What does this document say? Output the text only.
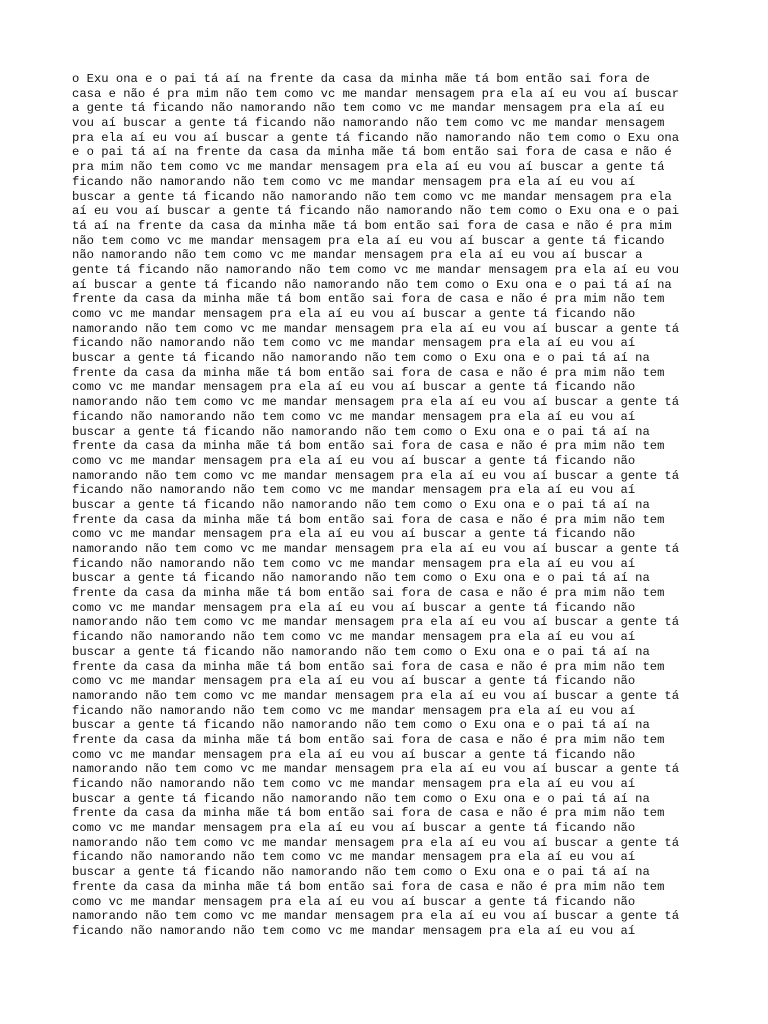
o Exu ona e o pai tá aí na frente da casa da minha mãe tá bom então sai fora de
casa e não é pra mim não tem como vc me mandar mensagem pra ela aí eu vou aí buscar
a gente tá ficando não namorando não tem como vc me mandar mensagem pra ela aí eu
vou aí buscar a gente tá ficando não namorando não tem como vc me mandar mensagem
pra ela aí eu vou aí buscar a gente tá ficando não namorando não tem como o Exu ona
e o pai tá aí na frente da casa da minha mãe tá bom então sai fora de casa e não é
pra mim não tem como vc me mandar mensagem pra ela aí eu vou aí buscar a gente tá
ficando não namorando não tem como vc me mandar mensagem pra ela aí eu vou aí
buscar a gente tá ficando não namorando não tem como vc me mandar mensagem pra ela
aí eu vou aí buscar a gente tá ficando não namorando não tem como o Exu ona e o pai
tá aí na frente da casa da minha mãe tá bom então sai fora de casa e não é pra mim
não tem como vc me mandar mensagem pra ela aí eu vou aí buscar a gente tá ficando
não namorando não tem como vc me mandar mensagem pra ela aí eu vou aí buscar a
gente tá ficando não namorando não tem como vc me mandar mensagem pra ela aí eu vou
aí buscar a gente tá ficando não namorando não tem como o Exu ona e o pai tá aí na
frente da casa da minha mãe tá bom então sai fora de casa e não é pra mim não tem
como vc me mandar mensagem pra ela aí eu vou aí buscar a gente tá ficando não
namorando não tem como vc me mandar mensagem pra ela aí eu vou aí buscar a gente tá
ficando não namorando não tem como vc me mandar mensagem pra ela aí eu vou aí
buscar a gente tá ficando não namorando não tem como o Exu ona e o pai tá aí na
frente da casa da minha mãe tá bom então sai fora de casa e não é pra mim não tem
como vc me mandar mensagem pra ela aí eu vou aí buscar a gente tá ficando não
namorando não tem como vc me mandar mensagem pra ela aí eu vou aí buscar a gente tá
ficando não namorando não tem como vc me mandar mensagem pra ela aí eu vou aí
buscar a gente tá ficando não namorando não tem como o Exu ona e o pai tá aí na
frente da casa da minha mãe tá bom então sai fora de casa e não é pra mim não tem
como vc me mandar mensagem pra ela aí eu vou aí buscar a gente tá ficando não
namorando não tem como vc me mandar mensagem pra ela aí eu vou aí buscar a gente tá
ficando não namorando não tem como vc me mandar mensagem pra ela aí eu vou aí
buscar a gente tá ficando não namorando não tem como o Exu ona e o pai tá aí na
frente da casa da minha mãe tá bom então sai fora de casa e não é pra mim não tem
como vc me mandar mensagem pra ela aí eu vou aí buscar a gente tá ficando não
namorando não tem como vc me mandar mensagem pra ela aí eu vou aí buscar a gente tá
ficando não namorando não tem como vc me mandar mensagem pra ela aí eu vou aí
buscar a gente tá ficando não namorando não tem como o Exu ona e o pai tá aí na
frente da casa da minha mãe tá bom então sai fora de casa e não é pra mim não tem
como vc me mandar mensagem pra ela aí eu vou aí buscar a gente tá ficando não
namorando não tem como vc me mandar mensagem pra ela aí eu vou aí buscar a gente tá
ficando não namorando não tem como vc me mandar mensagem pra ela aí eu vou aí
buscar a gente tá ficando não namorando não tem como o Exu ona e o pai tá aí na
frente da casa da minha mãe tá bom então sai fora de casa e não é pra mim não tem
como vc me mandar mensagem pra ela aí eu vou aí buscar a gente tá ficando não
namorando não tem como vc me mandar mensagem pra ela aí eu vou aí buscar a gente tá
ficando não namorando não tem como vc me mandar mensagem pra ela aí eu vou aí
buscar a gente tá ficando não namorando não tem como o Exu ona e o pai tá aí na
frente da casa da minha mãe tá bom então sai fora de casa e não é pra mim não tem
como vc me mandar mensagem pra ela aí eu vou aí buscar a gente tá ficando não
namorando não tem como vc me mandar mensagem pra ela aí eu vou aí buscar a gente tá
ficando não namorando não tem como vc me mandar mensagem pra ela aí eu vou aí
buscar a gente tá ficando não namorando não tem como o Exu ona e o pai tá aí na
frente da casa da minha mãe tá bom então sai fora de casa e não é pra mim não tem
como vc me mandar mensagem pra ela aí eu vou aí buscar a gente tá ficando não
namorando não tem como vc me mandar mensagem pra ela aí eu vou aí buscar a gente tá
ficando não namorando não tem como vc me mandar mensagem pra ela aí eu vou aí
buscar a gente tá ficando não namorando não tem como o Exu ona e o pai tá aí na
frente da casa da minha mãe tá bom então sai fora de casa e não é pra mim não tem
como vc me mandar mensagem pra ela aí eu vou aí buscar a gente tá ficando não
namorando não tem como vc me mandar mensagem pra ela aí eu vou aí buscar a gente tá
ficando não namorando não tem como vc me mandar mensagem pra ela aí eu vou aí
